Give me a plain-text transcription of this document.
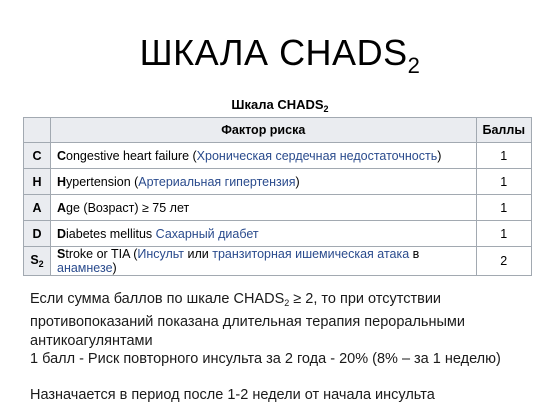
ШКАЛА $CHADS_2$
Шкала $CHADS_2$
	Фактор риска	Баллы
C	Congestive heart failure (Хроническая сердечная недостаточность)	1
H	Hypertension (Артериальная гипертензия)	1
A	Age (Возраст) ≥ 75 лет	1
D	Diabetes mellitus Сахарный диабет	1
$S_2$	Stroke or TIA (Инсульт или транзиторная ишемическая атака в анамнезе)	2
Если сумма баллов по шкале $CHADS_2 \ge 2$, то при отсутствии
противопоказаний показана длительная терапия пероральными
антикоагулянтами
1 балл - Риск повторного инсульта за 2 года - 20% (8% – за 1 неделю)
Назначается в период после 1-2 недели от начала инсульта
